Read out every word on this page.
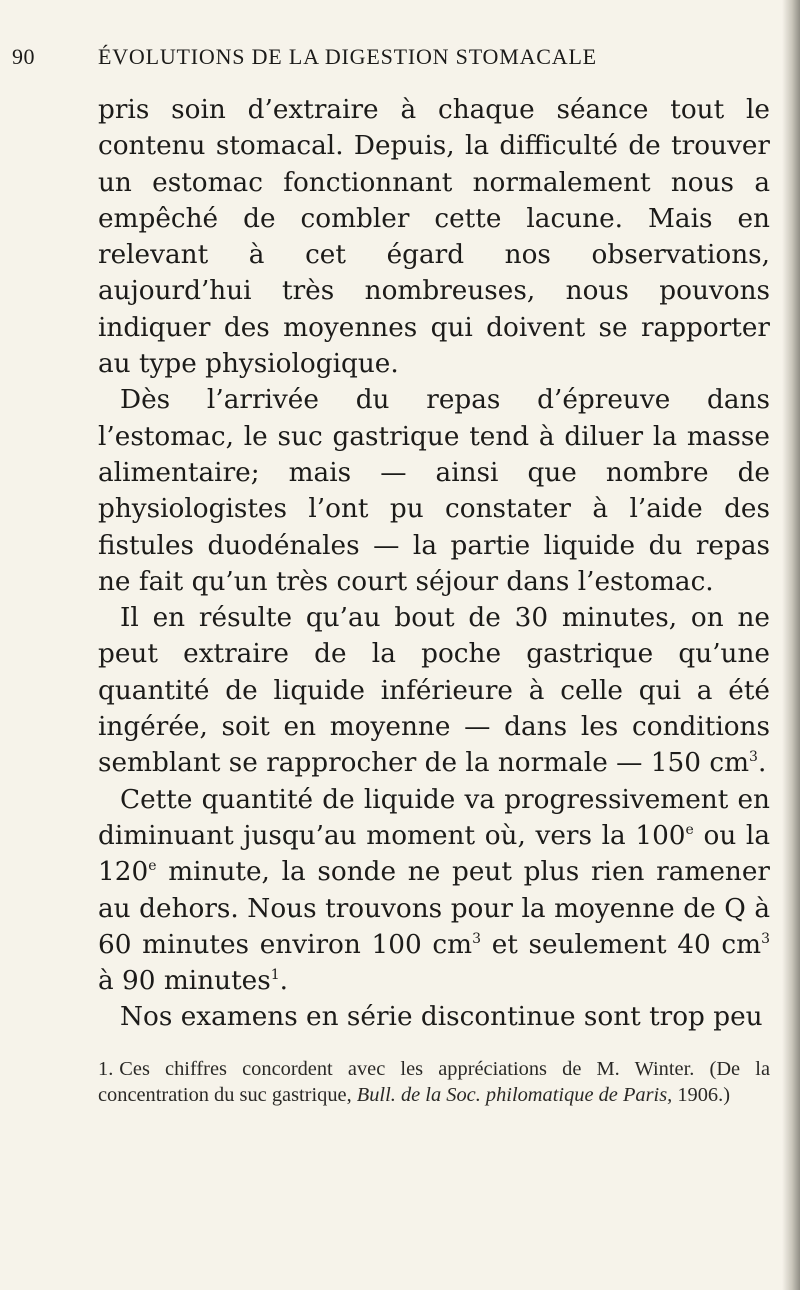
90	ÉVOLUTIONS DE LA DIGESTION STOMACALE

pris soin d’extraire à chaque séance tout le contenu stomacal. Depuis, la difficulté de trouver un estomac fonctionnant normalement nous a empêché de combler cette lacune. Mais en relevant à cet égard nos observations, aujourd’hui très nombreuses, nous pouvons indiquer des moyennes qui doivent se rapporter au type physiologique.

Dès l’arrivée du repas d’épreuve dans l’estomac, le suc gastrique tend à diluer la masse alimentaire; mais — ainsi que nombre de physiologistes l’ont pu constater à l’aide des fistules duodénales — la partie liquide du repas ne fait qu’un très court séjour dans l’estomac.

Il en résulte qu’au bout de 30 minutes, on ne peut extraire de la poche gastrique qu’une quantité de liquide inférieure à celle qui a été ingérée, soit en moyenne — dans les conditions semblant se rapprocher de la normale — 150 $cm^3$.

Cette quantité de liquide va progressivement en diminuant jusqu’au moment où, vers la 100e ou la 120e minute, la sonde ne peut plus rien ramener au dehors. Nous trouvons pour la moyenne de Q à 60 minutes environ 100 $cm^3$ et seulement 40 $cm^3$ à 90 minutes$^1$.

Nos examens en série discontinue sont trop peu

1. Ces chiffres concordent avec les appréciations de M. Winter. (De la concentration du suc gastrique, Bull. de la Soc. philomatique de Paris, 1906.)
